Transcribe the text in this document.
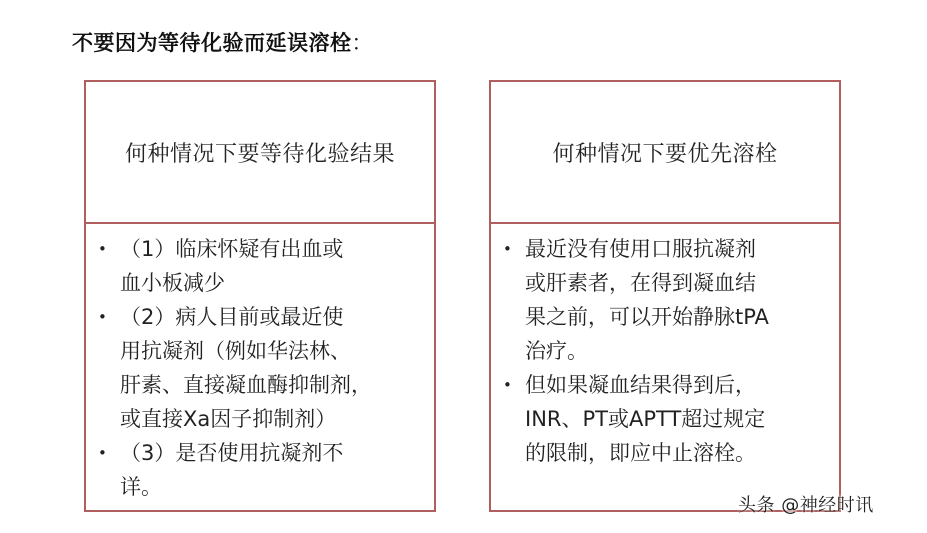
不要因为等待化验而延误溶栓：
何种情况下要等待化验结果
• （1）临床怀疑有出血或
血小板减少
• （2）病人目前或最近使
用抗凝剂（例如华法林、
肝素、直接凝血酶抑制剂，
或直接Xa因子抑制剂）
• （3）是否使用抗凝剂不
详。
何种情况下要优先溶栓
• 最近没有使用口服抗凝剂
或肝素者，在得到凝血结
果之前，可以开始静脉tPA
治疗。
• 但如果凝血结果得到后，
INR、PT或APTT超过规定
的限制，即应中止溶栓。
头条 @神经时讯
